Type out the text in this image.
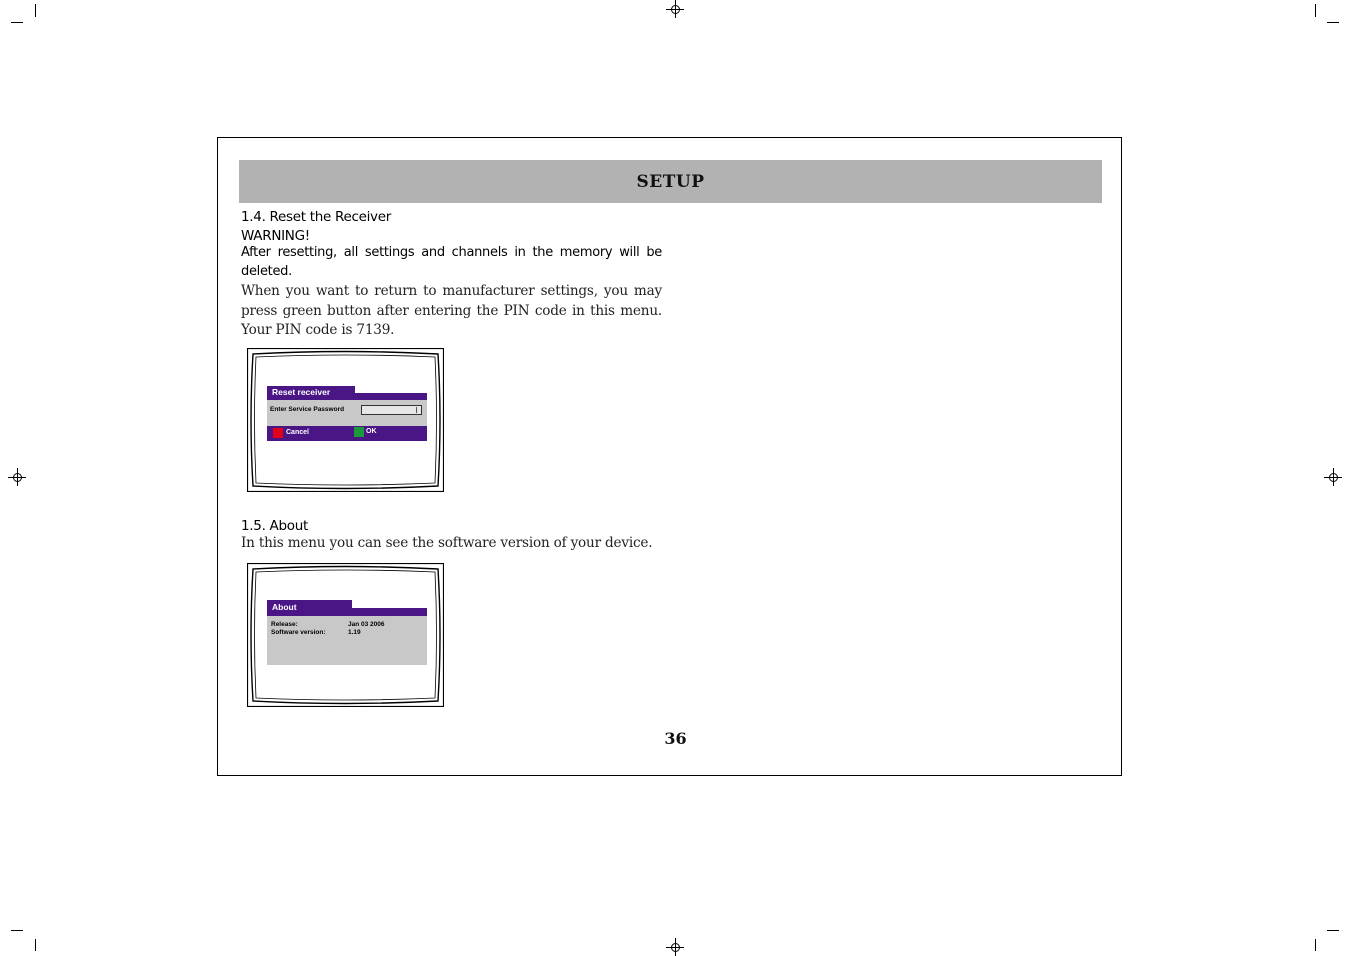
SETUP

1.4. Reset the Receiver

WARNING!

After resetting, all settings and channels in the memory will be deleted.

When you want to return to manufacturer settings, you may press green button after entering the PIN code in this menu. Your PIN code is 7139.

Reset receiver
Enter Service Password
Cancel	OK

1.5. About

In this menu you can see the software version of your device.

About
Release:	Jan 03 2006
Software version:	1.19
36
